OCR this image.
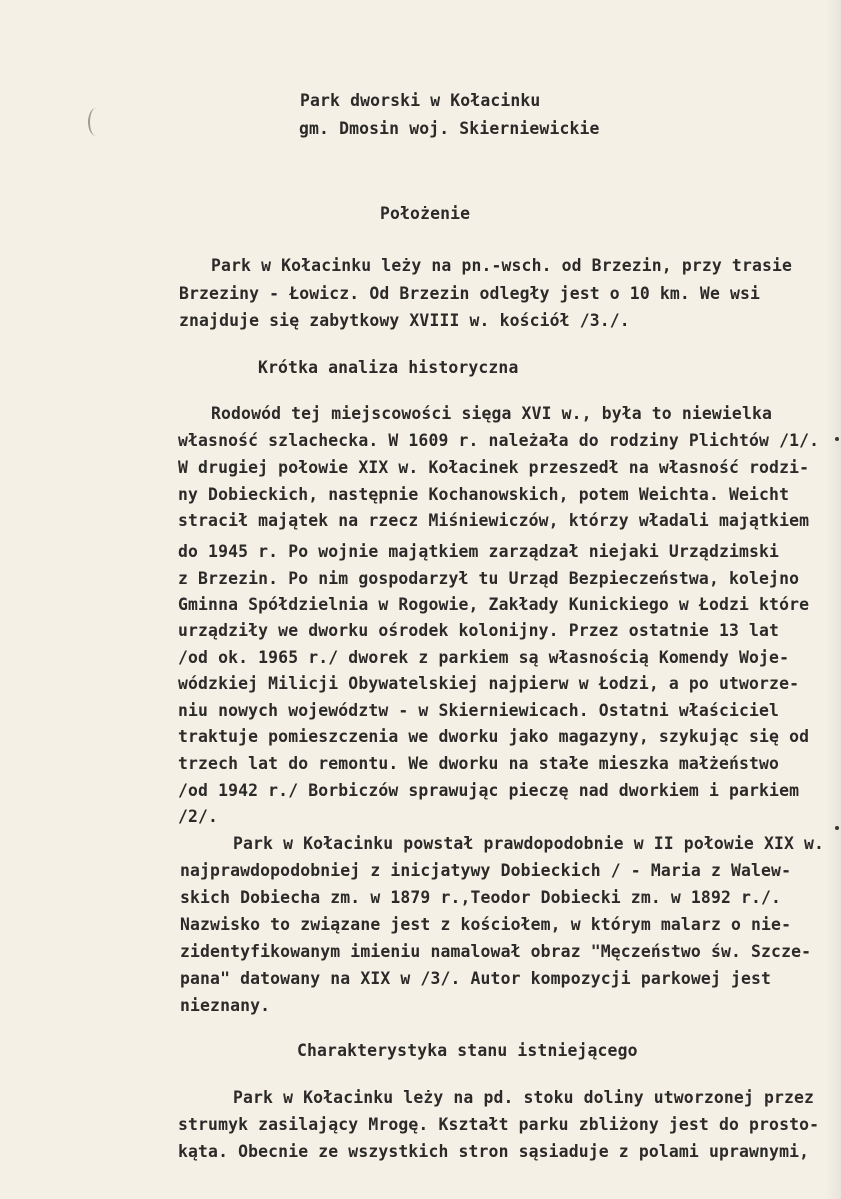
Park dworski w Kołacinku
gm. Dmosin woj. Skierniewickie
Położenie
Park w Kołacinku leży na pn.-wsch. od Brzezin, przy trasie
Brzeziny - Łowicz. Od Brzezin odległy jest o 10 km. We wsi
znajduje się zabytkowy XVIII w. kościół /3./.
Krótka analiza historyczna
Rodowód tej miejscowości sięga XVI w., była to niewielka
własność szlachecka. W 1609 r. należała do rodziny Plichtów /1/.
W drugiej połowie XIX w. Kołacinek przeszedł na własność rodzi-
ny Dobieckich, następnie Kochanowskich, potem Weichta. Weicht
stracił majątek na rzecz Miśniewiczów, którzy władali majątkiem
do 1945 r. Po wojnie majątkiem zarządzał niejaki Urządzimski
z Brzezin. Po nim gospodarzył tu Urząd Bezpieczeństwa, kolejno
Gminna Spółdzielnia w Rogowie, Zakłady Kunickiego w Łodzi które
urządziły we dworku ośrodek kolonijny. Przez ostatnie 13 lat
/od ok. 1965 r./ dworek z parkiem są własnością Komendy Woje-
wódzkiej Milicji Obywatelskiej najpierw w Łodzi, a po utworze-
niu nowych województw - w Skierniewicach. Ostatni właściciel
traktuje pomieszczenia we dworku jako magazyny, szykując się od
trzech lat do remontu. We dworku na stałe mieszka małżeństwo
/od 1942 r./ Borbiczów sprawując pieczę nad dworkiem i parkiem
/2/.
Park w Kołacinku powstał prawdopodobnie w II połowie XIX w.
najprawdopodobniej z inicjatywy Dobieckich / - Maria z Walew-
skich Dobiecha zm. w 1879 r.,Teodor Dobiecki zm. w 1892 r./.
Nazwisko to związane jest z kościołem, w którym malarz o nie-
zidentyfikowanym imieniu namalował obraz "Męczeństwo św. Szcze-
pana" datowany na XIX w /3/. Autor kompozycji parkowej jest
nieznany.
Charakterystyka stanu istniejącego
Park w Kołacinku leży na pd. stoku doliny utworzonej przez
strumyk zasilający Mrogę. Kształt parku zbliżony jest do prosto-
kąta. Obecnie ze wszystkich stron sąsiaduje z polami uprawnymi,
